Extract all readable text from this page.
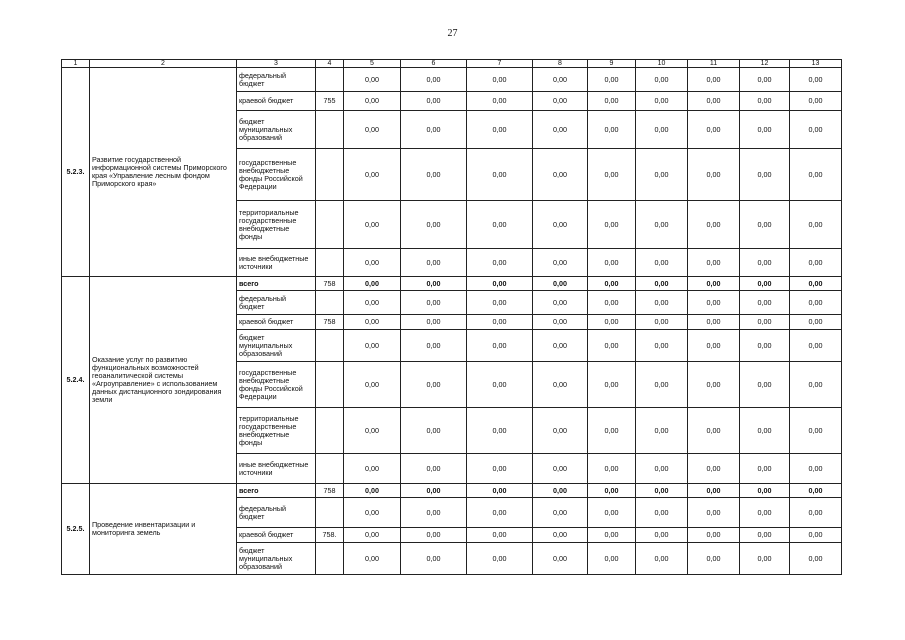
27
1	2	3	4	5	6	7	8	9	10	11	12	13
5.2.3.	Развитие государственной информационной системы Приморского края «Управление лесным фондом Приморского края»	федеральный бюджет		0,00	0,00	0,00	0,00	0,00	0,00	0,00	0,00	0,00
		краевой бюджет	755	0,00	0,00	0,00	0,00	0,00	0,00	0,00	0,00	0,00
		бюджет муниципальных образований		0,00	0,00	0,00	0,00	0,00	0,00	0,00	0,00	0,00
		государственные внебюджетные фонды Российской Федерации		0,00	0,00	0,00	0,00	0,00	0,00	0,00	0,00	0,00
		территориальные государственные внебюджетные фонды		0,00	0,00	0,00	0,00	0,00	0,00	0,00	0,00	0,00
		иные внебюджетные источники		0,00	0,00	0,00	0,00	0,00	0,00	0,00	0,00	0,00
5.2.4.	Оказание услуг по развитию функциональных возможностей геоаналитической системы «Агроуправление» с использованием данных дистанционного зондирования земли	всего	758	0,00	0,00	0,00	0,00	0,00	0,00	0,00	0,00	0,00
		федеральный бюджет		0,00	0,00	0,00	0,00	0,00	0,00	0,00	0,00	0,00
		краевой бюджет	758	0,00	0,00	0,00	0,00	0,00	0,00	0,00	0,00	0,00
		бюджет муниципальных образований		0,00	0,00	0,00	0,00	0,00	0,00	0,00	0,00	0,00
		государственные внебюджетные фонды Российской Федерации		0,00	0,00	0,00	0,00	0,00	0,00	0,00	0,00	0,00
		территориальные государственные внебюджетные фонды		0,00	0,00	0,00	0,00	0,00	0,00	0,00	0,00	0,00
		иные внебюджетные источники		0,00	0,00	0,00	0,00	0,00	0,00	0,00	0,00	0,00
5.2.5.	Проведение инвентаризации и мониторинга земель	всего	758	0,00	0,00	0,00	0,00	0,00	0,00	0,00	0,00	0,00
		федеральный бюджет		0,00	0,00	0,00	0,00	0,00	0,00	0,00	0,00	0,00
		краевой бюджет	758.	0,00	0,00	0,00	0,00	0,00	0,00	0,00	0,00	0,00
		бюджет муниципальных образований		0,00	0,00	0,00	0,00	0,00	0,00	0,00	0,00	0,00
